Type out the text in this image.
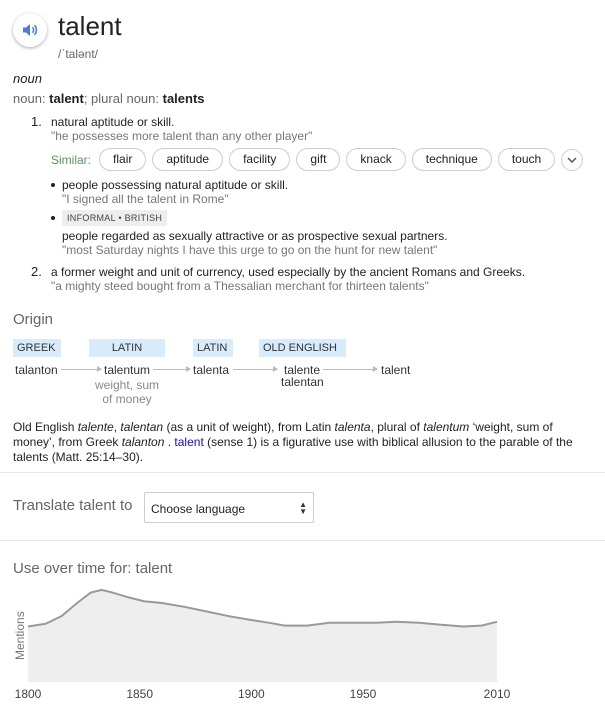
talent
/ˈtalənt/
noun
noun: talent; plural noun: talents
1. natural aptitude or skill.
"he possesses more talent than any other player"
Similar:	flair	aptitude	facility	gift	knack	technique	touch
people possessing natural aptitude or skill.
"I signed all the talent in Rome"
INFORMAL • BRITISH
people regarded as sexually attractive or as prospective sexual partners.
"most Saturday nights I have this urge to go on the hunt for new talent"
2. a former weight and unit of currency, used especially by the ancient Romans and Greeks.
"a mighty steed bought from a Thessalian merchant for thirteen talents"
Origin
GREEK	LATIN	LATIN	OLD ENGLISH
talanton	talentum
weight, sum of money
talenta	talente
talentan
talent
Old English talente, talentan (as a unit of weight), from Latin talenta, plural of talentum ‘weight, sum of money’, from Greek talanton . talent (sense 1) is a figurative use with biblical allusion to the parable of the talents (Matt. 25:14–30).
Translate talent to	Choose language	▲
▼
Use over time for: talent
Mentions
1800	1850	1900	1950	2010
